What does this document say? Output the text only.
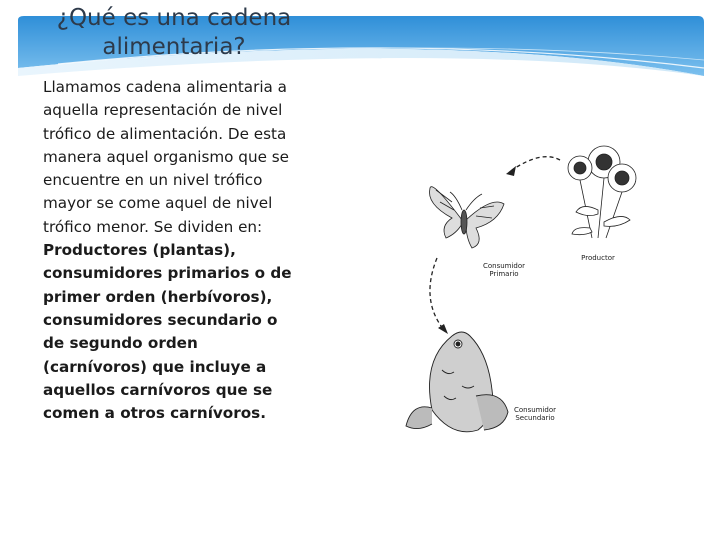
¿Qué es una cadena alimentaria?

Llamamos cadena alimentaria a aquella representación de nivel trófico de alimentación. De esta manera aquel organismo que se encuentre en un nivel trófico mayor se come aquel de nivel trófico menor. Se dividen en: Productores (plantas), consumidores primarios o de primer orden (herbívoros), consumidores secundario o de segundo orden (carnívoros) que incluye a aquellos carnívoros que se comen a otros carnívoros.

Consumidor Primario
Productor
Consumidor Secundario
